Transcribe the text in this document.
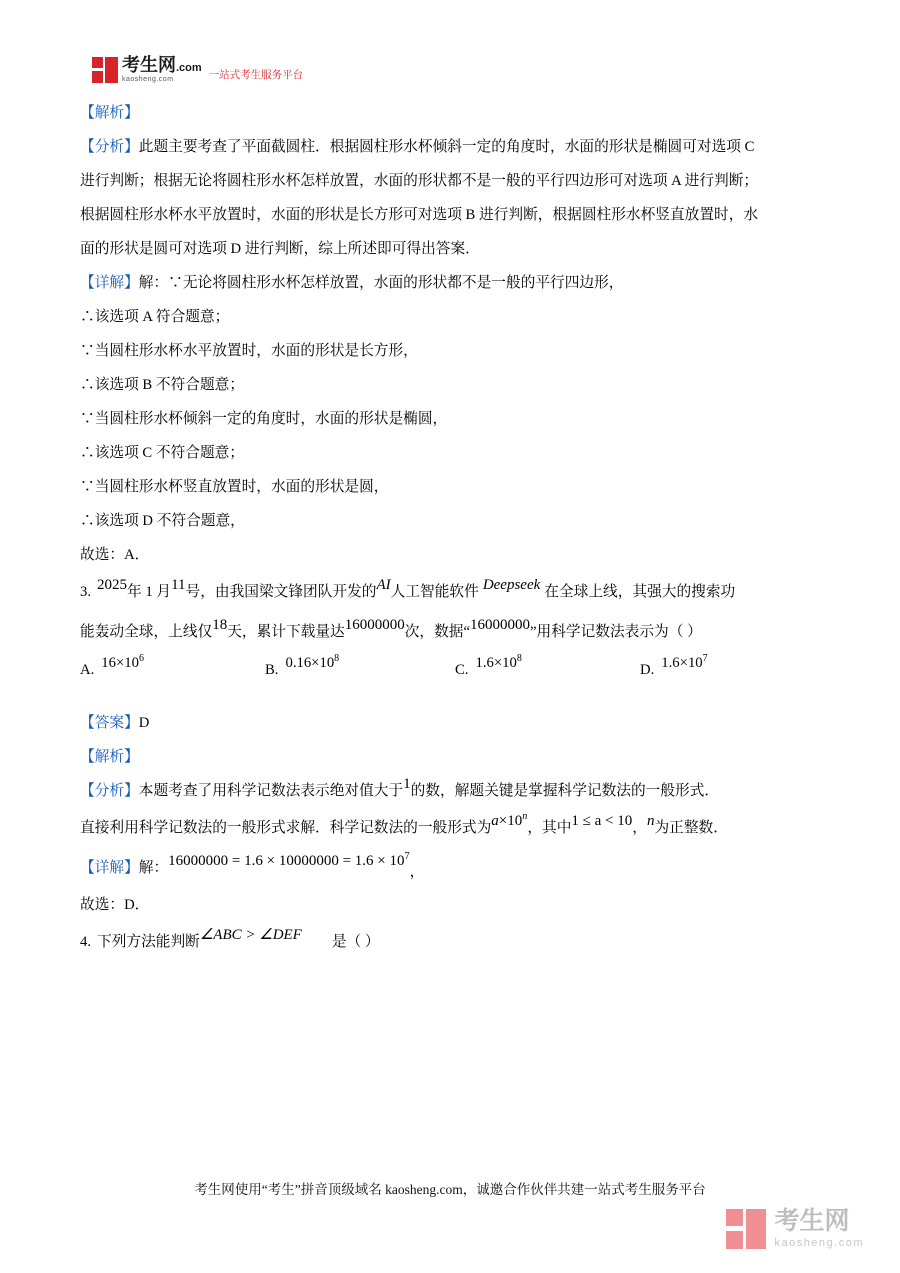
考生网.com
kaosheng.com	一站式考生服务平台
【解析】
【分析】 此题主要考查了平面截圆柱．根据圆柱形水杯倾斜一定的角度时，水面的形状是椭圆可对选项 C
进行判断；根据无论将圆柱形水杯怎样放置，水面的形状都不是一般的平行四边形可对选项 A 进行判断；
根据圆柱形水杯水平放置时，水面的形状是长方形可对选项 B 进行判断，根据圆柱形水杯竖直放置时，水
面的形状是圆可对选项 D 进行判断，综上所述即可得出答案．
【详解】 解：∵无论将圆柱形水杯怎样放置，水面的形状都不是一般的平行四边形，
∴该选项 A 符合题意；
∵当圆柱形水杯水平放置时，水面的形状是长方形，
∴该选项 B 不符合题意；
∵当圆柱形水杯倾斜一定的角度时，水面的形状是椭圆，
∴该选项 C 不符合题意；
∵当圆柱形水杯竖直放置时，水面的形状是圆，
∴该选项 D 不符合题意，
故选：A．
3. 2025 年 1 月 11 号，由我国梁文锋团队开发的 AI 人工智能软件 Deepseek 在全球上线，其强大的搜索功
能轰动全球，上线仅 18 天，累计下载量达 16000000 次，数据“ 16000000 ”用科学记数法表示为（ ）
A. $16\times 10^6$
B. $0.16\times 10^8$
C. $1.6\times 10^8$
D. $1.6\times 10^7$
【答案】 D
【解析】
【分析】 本题考查了用科学记数法表示绝对值大于 1 的数，解题关键是掌握科学记数法的一般形式．
直接利用科学记数法的一般形式求解．科学记数法的一般形式为 $a\times 10^n$
，其中 1 ≤ a < 10 ， n 为正整数．
【详解】 解： $16000000 = 1.6 \times 10000000 = 1.6 \times 10^7$
，
故选：D．
4. 下列方法能判断 ∠ABC > ∠DEF 是（ ）
考生网使用“考生”拼音顶级域名 kaosheng.com，诚邀合作伙伴共建一站式考生服务平台
考生网
kaosheng.com
